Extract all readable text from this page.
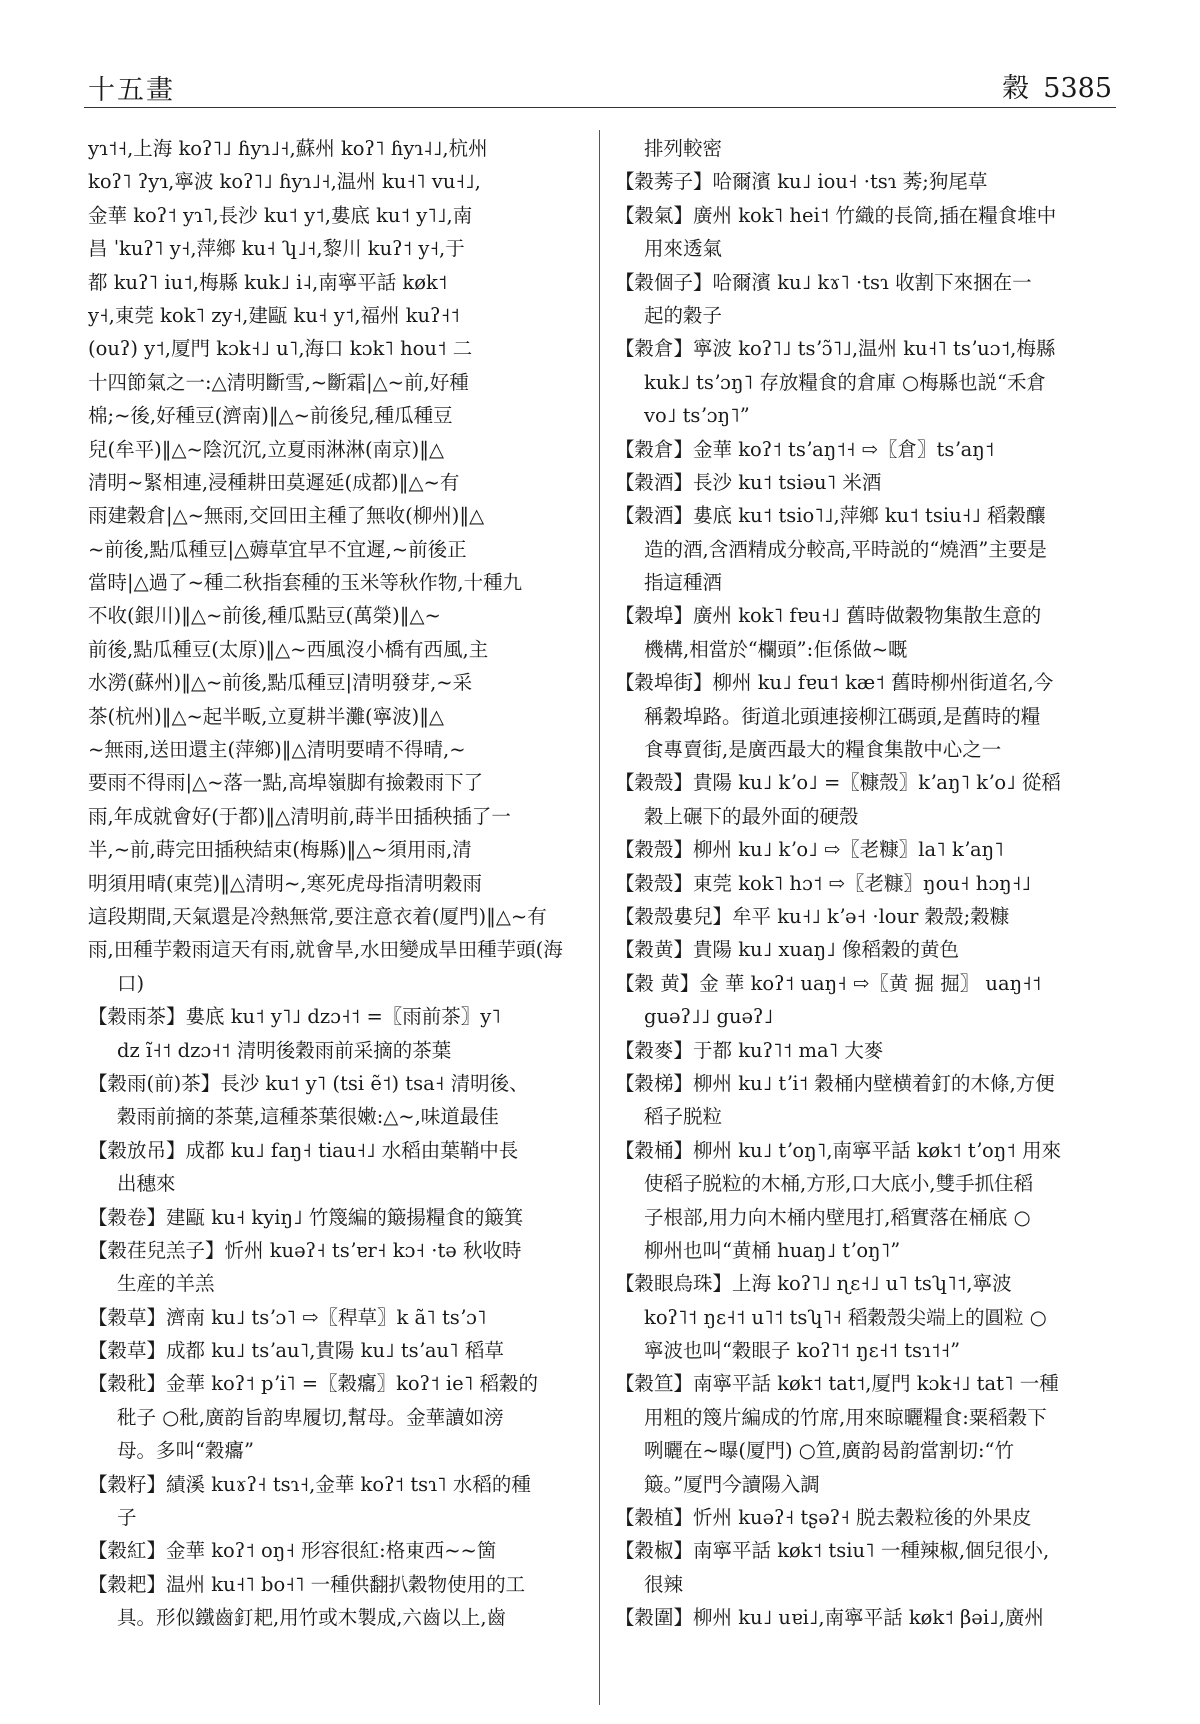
十五畫	穀 5385
yɿ˦˧,上海 koʔ˥˩ ɦyɿ˩˧,蘇州 koʔ˥ ɦyɿ˨˩,杭州
koʔ˥ ʔyɿ,寧波 koʔ˥˩ ɦyɿ˩˧,温州 ku˧˥ vu˧˩,
金華 koʔ˦ yɿ˥,長沙 ku˦ y˦,婁底 ku˦ y˥˩,南
昌 ˈkuʔ˥ y˧,萍鄉 ku˧ ʮ˩˧,黎川 kuʔ˦ y˧,于
都 kuʔ˥ iu˦,梅縣 kuk˩ i˨,南寧平話 køk˦
y˧,東莞 kok˥ zy˧,建甌 ku˧ y˦,福州 kuʔ˧˦
(ouʔ) y˦,厦門 kɔk˧˩ u˥,海口 kɔk˥ hou˦ 二
十四節氣之一:△清明斷雪,~斷霜|△~前,好種
棉;~後,好種豆(濟南)‖△~前後兒,種瓜種豆
兒(牟平)‖△~陰沉沉,立夏雨淋淋(南京)‖△
清明~緊相連,浸種耕田莫遲延(成都)‖△~有
雨建穀倉|△~無雨,交回田主種了無收(柳州)‖△
~前後,點瓜種豆|△薅草宜早不宜遲,~前後正
當時|△過了~種二秋指套種的玉米等秋作物,十種九
不收(銀川)‖△~前後,種瓜點豆(萬榮)‖△~
前後,點瓜種豆(太原)‖△~西風沒小橋有西風,主
水澇(蘇州)‖△~前後,點瓜種豆|清明發芽,~采
茶(杭州)‖△~起半畈,立夏耕半灘(寧波)‖△
~無雨,送田還主(萍鄉)‖△清明要晴不得晴,~
要雨不得雨|△~落一點,高埠嶺脚有撿穀雨下了
雨,年成就會好(于都)‖△清明前,蒔半田插秧插了一
半,~前,蒔完田插秧結束(梅縣)‖△~須用雨,清
明須用晴(東莞)‖△清明~,寒死虎母指清明穀雨
這段期間,天氣還是冷熱無常,要注意衣着(厦門)‖△~有
雨,田種芋穀雨這天有雨,就會旱,水田變成旱田種芋頭(海
口)
【穀雨茶】婁底 ku˦ y˥˩ dzɔ˧˦ =〖雨前茶〗y˥
dz ĩ˧˦ dzɔ˧˦ 清明後穀雨前采摘的茶葉
【穀雨(前)茶】長沙 ku˦ y˥ (tsi ẽ˦) tsa˧ 清明後、
穀雨前摘的茶葉,這種茶葉很嫩:△~,味道最佳
【穀放吊】成都 ku˩ faŋ˧ tiau˧˩ 水稻由葉鞘中長
出穗來
【穀卷】建甌 ku˧ kyiŋ˩ 竹篾編的簸揚糧食的簸箕
【穀荏兒羔子】忻州 kuəʔ˧ tsʼɐr˧ kɔ˧ ·tə 秋收時
生産的羊羔
【穀草】濟南 ku˩ tsʼɔ˥ ⇨〖稈草〗k ã˥ tsʼɔ˥
【穀草】成都 ku˩ tsʼau˥,貴陽 ku˩ tsʼau˥ 稻草
【穀秕】金華 koʔ˦ pʼi˥ =〖穀癟〗koʔ˦ ie˥ 稻穀的
秕子 ○秕,廣韵旨韵卑履切,幫母。金華讀如滂
母。多叫“穀癟”
【穀籽】績溪 kuɤʔ˧ tsɿ˧,金華 koʔ˦ tsɿ˥ 水稻的種
子
【穀紅】金華 koʔ˦ oŋ˧ 形容很紅:格東西~~箇
【穀耙】温州 ku˧˥ bo˧˥ 一種供翻扒穀物使用的工
具。形似鐵齒釘耙,用竹或木製成,六齒以上,齒
排列較密
【穀莠子】哈爾濱 ku˩ iou˧ ·tsɿ 莠;狗尾草
【穀氣】廣州 kok˥ hei˦ 竹織的長筒,插在糧食堆中
用來透氣
【穀個子】哈爾濱 ku˩ kɤ˥ ·tsɿ 收割下來捆在一
起的穀子
【穀倉】寧波 koʔ˥˩ tsʼɔ̃˥˩,温州 ku˧˥ tsʼuɔ˦,梅縣
kuk˩ tsʼɔŋ˥ 存放糧食的倉庫 ○梅縣也説“禾倉
vo˩ tsʼɔŋ˥”
【穀倉】金華 koʔ˦ tsʼaŋ˦˧ ⇨〖倉〗tsʼaŋ˦
【穀酒】長沙 ku˦ tsiəu˥ 米酒
【穀酒】婁底 ku˦ tsio˥˩,萍鄉 ku˦ tsiu˧˩ 稻穀釀
造的酒,含酒精成分較高,平時説的“燒酒”主要是
指這種酒
【穀埠】廣州 kok˥ fɐu˧˩ 舊時做穀物集散生意的
機構,相當於“欄頭”:佢係做~嘅
【穀埠街】柳州 ku˩ fɐu˦ kæ˦ 舊時柳州街道名,今
稱穀埠路。街道北頭連接柳江碼頭,是舊時的糧
食專賣街,是廣西最大的糧食集散中心之一
【穀殼】貴陽 ku˩ kʼo˩ =〖糠殼〗kʼaŋ˥ kʼo˩ 從稻
穀上碾下的最外面的硬殼
【穀殼】柳州 ku˩ kʼo˩ ⇨〖老糠〗la˥ kʼaŋ˥
【穀殼】東莞 kok˥ hɔ˦ ⇨〖老糠〗ŋou˧ hɔŋ˧˩
【穀殼婁兒】牟平 ku˧˩ kʼə˧ ·lour 穀殼;穀糠
【穀黄】貴陽 ku˩ xuaŋ˩ 像稻穀的黄色
【穀 黄】金 華 koʔ˦ uaŋ˧ ⇨〖黄 掘 掘〗 uaŋ˧˦
guəʔ˩˩ guəʔ˩
【穀麥】于都 kuʔ˥˦ ma˥ 大麥
【穀梯】柳州 ku˩ tʼi˦ 穀桶内壁横着釘的木條,方便
稻子脱粒
【穀桶】柳州 ku˩ tʼoŋ˥,南寧平話 køk˦ tʼoŋ˦ 用來
使稻子脱粒的木桶,方形,口大底小,雙手抓住稻
子根部,用力向木桶内壁甩打,稻實落在桶底 ○
柳州也叫“黄桶 huaŋ˩ tʼoŋ˥”
【穀眼烏珠】上海 koʔ˥˩ ɳɛ˧˩ u˥ tsʮ˥˦,寧波
koʔ˥˦ ŋɛ˧˦ u˥˦ tsʮ˥˧ 稻穀殼尖端上的圓粒 ○
寧波也叫“穀眼子 koʔ˥˦ ŋɛ˧˦ tsɿ˦˧”
【穀笪】南寧平話 køk˦ tat˦,厦門 kɔk˧˩ tat˥ 一種
用粗的篾片編成的竹席,用來晾曬糧食:粟稻穀下
咧曬在~曝(厦門) ○笪,廣韵曷韵當割切:“竹
簸。”厦門今讀陽入調
【穀植】忻州 kuəʔ˧ tʂəʔ˧ 脱去穀粒後的外果皮
【穀椒】南寧平話 køk˦ tsiu˥ 一種辣椒,個兒很小,
很辣
【穀圍】柳州 ku˩ uɐi˩,南寧平話 køk˦ βəi˩,廣州
